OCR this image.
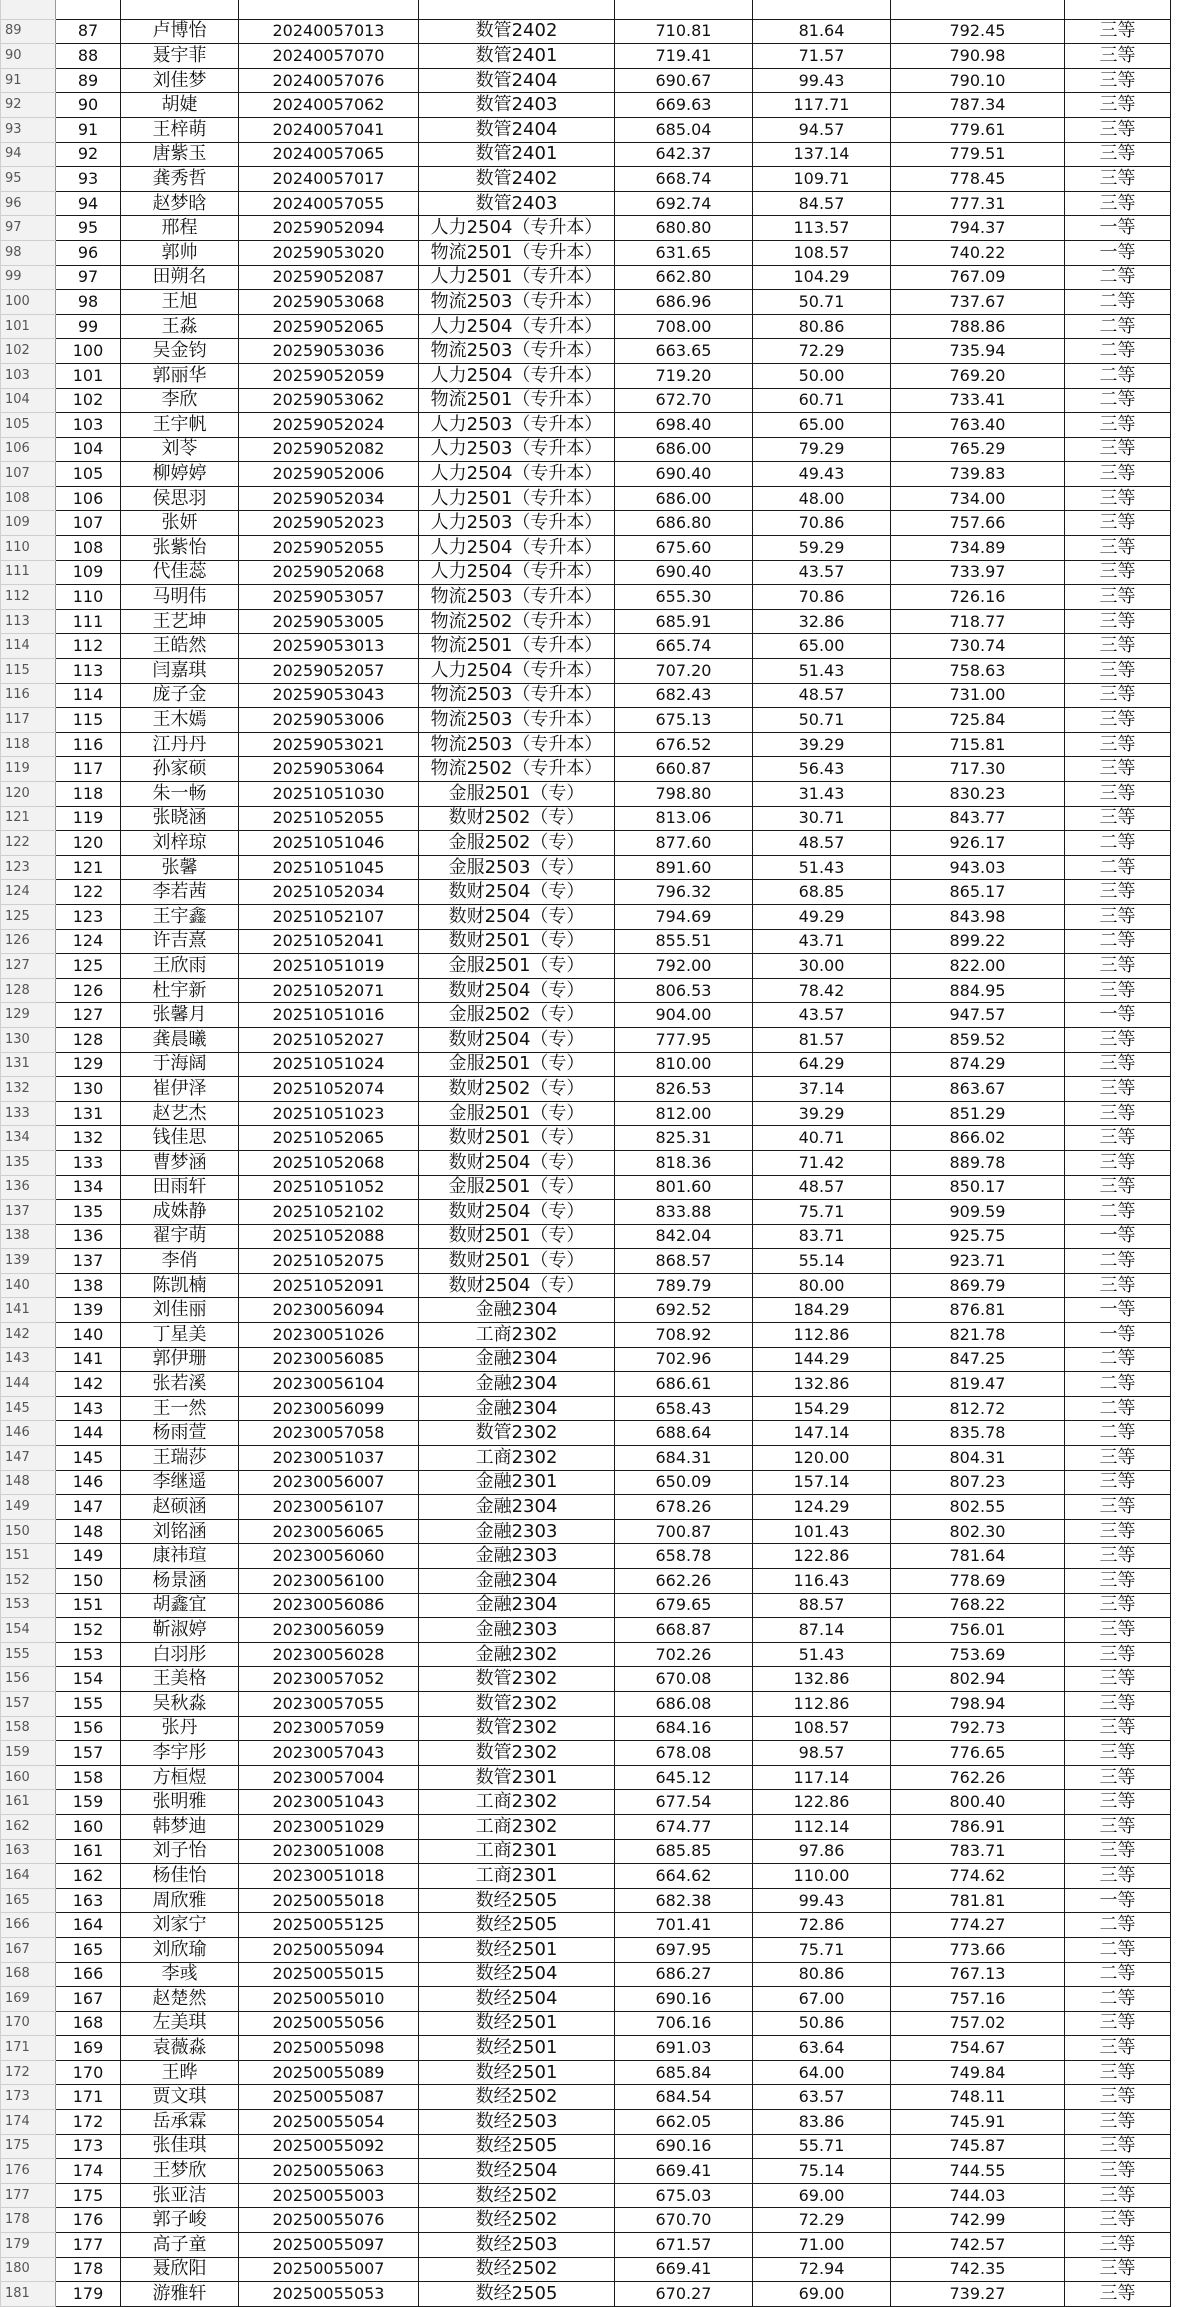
89	87	卢博怡	20240057013	数管2402	710.81	81.64	792.45	三等	
90	88	聂宇菲	20240057070	数管2401	719.41	71.57	790.98	三等	
91	89	刘佳梦	20240057076	数管2404	690.67	99.43	790.10	三等	
92	90	胡婕	20240057062	数管2403	669.63	117.71	787.34	三等	
93	91	王梓萌	20240057041	数管2404	685.04	94.57	779.61	三等	
94	92	唐紫玉	20240057065	数管2401	642.37	137.14	779.51	三等	
95	93	龚秀哲	20240057017	数管2402	668.74	109.71	778.45	三等	
96	94	赵梦晗	20240057055	数管2403	692.74	84.57	777.31	三等	
97	95	邢程	20259052094	人力2504（专升本）	680.80	113.57	794.37	一等	
98	96	郭帅	20259053020	物流2501（专升本）	631.65	108.57	740.22	一等	
99	97	田朔名	20259052087	人力2501（专升本）	662.80	104.29	767.09	二等	
100	98	王旭	20259053068	物流2503（专升本）	686.96	50.71	737.67	二等	
101	99	王淼	20259052065	人力2504（专升本）	708.00	80.86	788.86	二等	
102	100	吴金钧	20259053036	物流2503（专升本）	663.65	72.29	735.94	二等	
103	101	郭丽华	20259052059	人力2504（专升本）	719.20	50.00	769.20	二等	
104	102	李欣	20259053062	物流2501（专升本）	672.70	60.71	733.41	二等	
105	103	王宇帆	20259052024	人力2503（专升本）	698.40	65.00	763.40	三等	
106	104	刘苓	20259052082	人力2503（专升本）	686.00	79.29	765.29	三等	
107	105	柳婷婷	20259052006	人力2504（专升本）	690.40	49.43	739.83	三等	
108	106	侯思羽	20259052034	人力2501（专升本）	686.00	48.00	734.00	三等	
109	107	张妍	20259052023	人力2503（专升本）	686.80	70.86	757.66	三等	
110	108	张紫怡	20259052055	人力2504（专升本）	675.60	59.29	734.89	三等	
111	109	代佳蕊	20259052068	人力2504（专升本）	690.40	43.57	733.97	三等	
112	110	马明伟	20259053057	物流2503（专升本）	655.30	70.86	726.16	三等	
113	111	王艺坤	20259053005	物流2502（专升本）	685.91	32.86	718.77	三等	
114	112	王皓然	20259053013	物流2501（专升本）	665.74	65.00	730.74	三等	
115	113	闫嘉琪	20259052057	人力2504（专升本）	707.20	51.43	758.63	三等	
116	114	庞子金	20259053043	物流2503（专升本）	682.43	48.57	731.00	三等	
117	115	王木嫣	20259053006	物流2503（专升本）	675.13	50.71	725.84	三等	
118	116	江丹丹	20259053021	物流2503（专升本）	676.52	39.29	715.81	三等	
119	117	孙家硕	20259053064	物流2502（专升本）	660.87	56.43	717.30	三等	
120	118	朱一畅	20251051030	金服2501（专）	798.80	31.43	830.23	三等	
121	119	张晓涵	20251052055	数财2502（专）	813.06	30.71	843.77	三等	
122	120	刘梓琼	20251051046	金服2502（专）	877.60	48.57	926.17	二等	
123	121	张馨	20251051045	金服2503（专）	891.60	51.43	943.03	二等	
124	122	李若茜	20251052034	数财2504（专）	796.32	68.85	865.17	三等	
125	123	王宇鑫	20251052107	数财2504（专）	794.69	49.29	843.98	三等	
126	124	许吉熹	20251052041	数财2501（专）	855.51	43.71	899.22	二等	
127	125	王欣雨	20251051019	金服2501（专）	792.00	30.00	822.00	三等	
128	126	杜宇新	20251052071	数财2504（专）	806.53	78.42	884.95	三等	
129	127	张馨月	20251051016	金服2502（专）	904.00	43.57	947.57	一等	
130	128	龚晨曦	20251052027	数财2504（专）	777.95	81.57	859.52	三等	
131	129	于海阔	20251051024	金服2501（专）	810.00	64.29	874.29	三等	
132	130	崔伊泽	20251052074	数财2502（专）	826.53	37.14	863.67	三等	
133	131	赵艺杰	20251051023	金服2501（专）	812.00	39.29	851.29	三等	
134	132	钱佳思	20251052065	数财2501（专）	825.31	40.71	866.02	三等	
135	133	曹梦涵	20251052068	数财2504（专）	818.36	71.42	889.78	三等	
136	134	田雨轩	20251051052	金服2501（专）	801.60	48.57	850.17	三等	
137	135	成姝静	20251052102	数财2504（专）	833.88	75.71	909.59	二等	
138	136	翟宇萌	20251052088	数财2501（专）	842.04	83.71	925.75	一等	
139	137	李俏	20251052075	数财2501（专）	868.57	55.14	923.71	二等	
140	138	陈凯楠	20251052091	数财2504（专）	789.79	80.00	869.79	三等	
141	139	刘佳丽	20230056094	金融2304	692.52	184.29	876.81	一等	
142	140	丁星美	20230051026	工商2302	708.92	112.86	821.78	一等	
143	141	郭伊珊	20230056085	金融2304	702.96	144.29	847.25	二等	
144	142	张若溪	20230056104	金融2304	686.61	132.86	819.47	二等	
145	143	王一然	20230056099	金融2304	658.43	154.29	812.72	二等	
146	144	杨雨萱	20230057058	数管2302	688.64	147.14	835.78	二等	
147	145	王瑞莎	20230051037	工商2302	684.31	120.00	804.31	三等	
148	146	李继遥	20230056007	金融2301	650.09	157.14	807.23	三等	
149	147	赵硕涵	20230056107	金融2304	678.26	124.29	802.55	三等	
150	148	刘铭涵	20230056065	金融2303	700.87	101.43	802.30	三等	
151	149	康祎瑄	20230056060	金融2303	658.78	122.86	781.64	三等	
152	150	杨景涵	20230056100	金融2304	662.26	116.43	778.69	三等	
153	151	胡鑫宜	20230056086	金融2304	679.65	88.57	768.22	三等	
154	152	靳淑婷	20230056059	金融2303	668.87	87.14	756.01	三等	
155	153	白羽彤	20230056028	金融2302	702.26	51.43	753.69	三等	
156	154	王美格	20230057052	数管2302	670.08	132.86	802.94	三等	
157	155	吴秋淼	20230057055	数管2302	686.08	112.86	798.94	三等	
158	156	张丹	20230057059	数管2302	684.16	108.57	792.73	三等	
159	157	李宇彤	20230057043	数管2302	678.08	98.57	776.65	三等	
160	158	方桓煜	20230057004	数管2301	645.12	117.14	762.26	三等	
161	159	张明雅	20230051043	工商2302	677.54	122.86	800.40	三等	
162	160	韩梦迪	20230051029	工商2302	674.77	112.14	786.91	三等	
163	161	刘子怡	20230051008	工商2301	685.85	97.86	783.71	三等	
164	162	杨佳怡	20230051018	工商2301	664.62	110.00	774.62	三等	
165	163	周欣雅	20250055018	数经2505	682.38	99.43	781.81	一等	
166	164	刘家宁	20250055125	数经2505	701.41	72.86	774.27	二等	
167	165	刘欣瑜	20250055094	数经2501	697.95	75.71	773.66	二等	
168	166	李彧	20250055015	数经2504	686.27	80.86	767.13	二等	
169	167	赵楚然	20250055010	数经2504	690.16	67.00	757.16	二等	
170	168	左美琪	20250055056	数经2501	706.16	50.86	757.02	三等	
171	169	袁薇淼	20250055098	数经2501	691.03	63.64	754.67	三等	
172	170	王晔	20250055089	数经2501	685.84	64.00	749.84	三等	
173	171	贾文琪	20250055087	数经2502	684.54	63.57	748.11	三等	
174	172	岳承霖	20250055054	数经2503	662.05	83.86	745.91	三等	
175	173	张佳琪	20250055092	数经2505	690.16	55.71	745.87	三等	
176	174	王梦欣	20250055063	数经2504	669.41	75.14	744.55	三等	
177	175	张亚洁	20250055003	数经2502	675.03	69.00	744.03	三等	
178	176	郭子峻	20250055076	数经2502	670.70	72.29	742.99	三等	
179	177	高子童	20250055097	数经2503	671.57	71.00	742.57	三等	
180	178	聂欣阳	20250055007	数经2502	669.41	72.94	742.35	三等	
181	179	游雅轩	20250055053	数经2505	670.27	69.00	739.27	三等	
